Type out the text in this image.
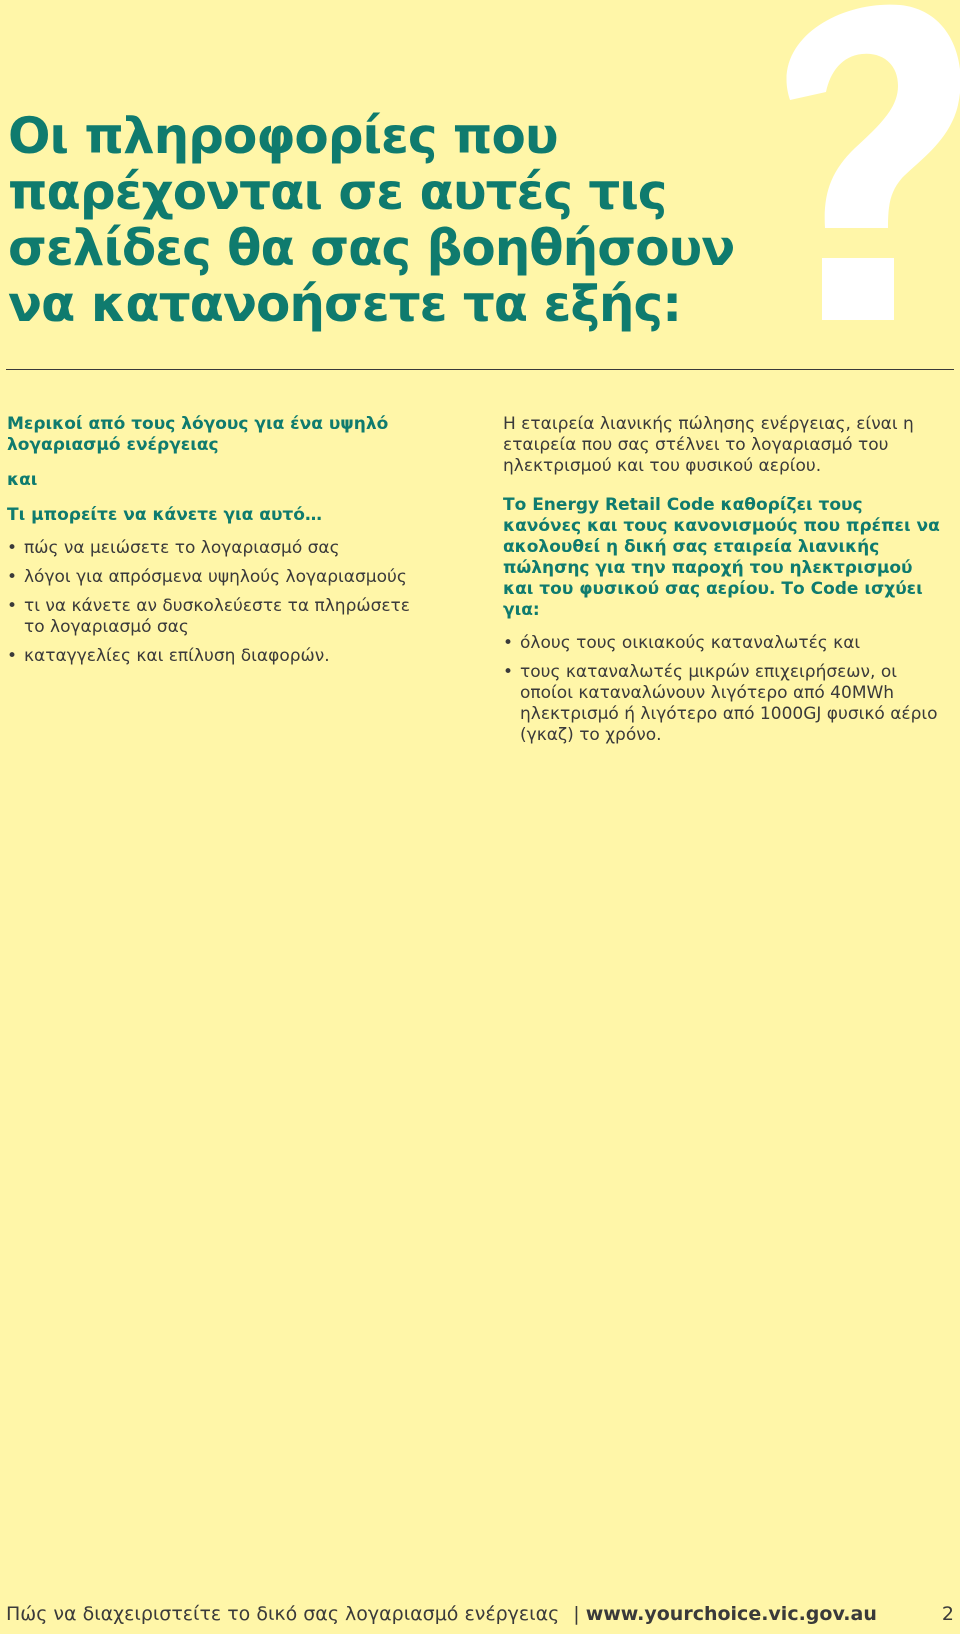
Οι πληροφορίες που
παρέχονται σε αυτές τις
σελίδες θα σας βοηθήσουν
να κατανοήσετε τα εξής:

Μερικοί από τους λόγους για ένα υψηλό λογαριασμό ενέργειας

και

Τι μπορείτε να κάνετε για αυτό…

• πώς να μειώσετε το λογαριασμό σας
• λόγοι για απρόσμενα υψηλούς λογαριασμούς
• τι να κάνετε αν δυσκολεύεστε τα πληρώσετε το λογαριασμό σας
• καταγγελίες και επίλυση διαφορών.

Η εταιρεία λιανικής πώλησης ενέργειας, είναι η εταιρεία που σας στέλνει το λογαριασμό του ηλεκτρισμού και του φυσικού αερίου.

Το Energy Retail Code καθορίζει τους κανόνες και τους κανονισμούς που πρέπει να ακολουθεί η δική σας εταιρεία λιανικής πώλησης για την παροχή του ηλεκτρισμού και του φυσικού σας αερίου. Το Code ισχύει για:

• όλους τους οικιακούς καταναλωτές και
• τους καταναλωτές μικρών επιχειρήσεων, οι οποίοι καταναλώνουν λιγότερο από 40MWh ηλεκτρισμό ή λιγότερο από 1000GJ φυσικό αέριο (γκαζ) το χρόνο.
Πώς να διαχειριστείτε το δικό σας λογαριασμό ενέργειας | www.yourchoice.vic.gov.au	2
